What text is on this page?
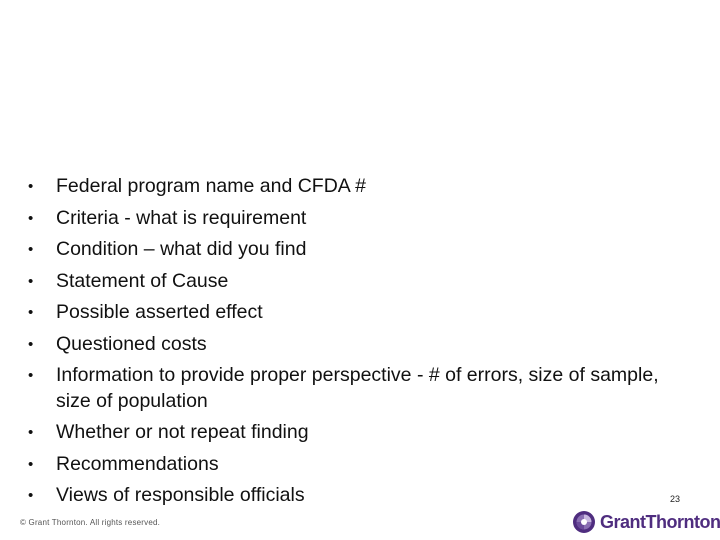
• Federal program name and CFDA #
• Criteria - what is requirement
• Condition – what did you find
• Statement of Cause
• Possible asserted effect
• Questioned costs
• Information to provide proper perspective - # of errors, size of sample, size of population
• Whether or not repeat finding
• Recommendations
• Views of responsible officials	23
© Grant Thornton. All rights reserved.	GrantThornton
